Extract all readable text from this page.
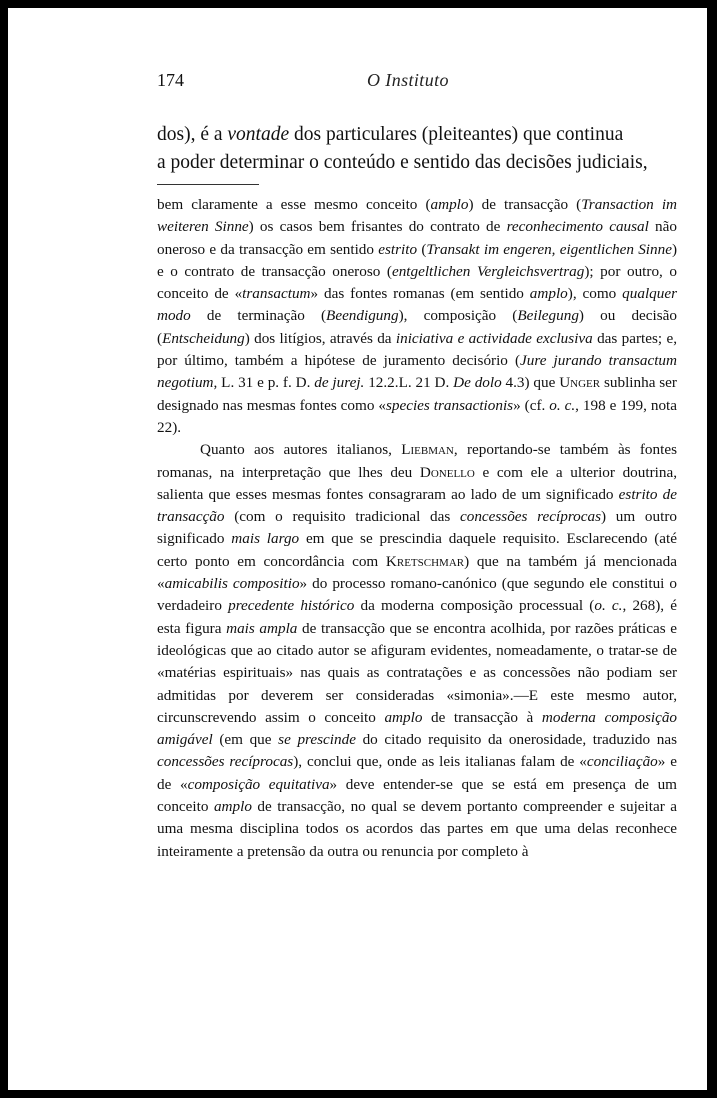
174	O Instituto

dos), é a vontade dos particulares (pleiteantes) que continua

a poder determinar o conteúdo e sentido das decisões judiciais,

bem claramente a esse mesmo conceito (amplo) de transacção (Transaction im weiteren Sinne) os casos bem frisantes do contrato de reconhecimento causal não oneroso e da transacção em sentido estrito (Transakt im engeren, eigentlichen Sinne) e o contrato de transacção oneroso (entgeltlichen Vergleichsvertrag); por outro, o conceito de «transactum» das fontes romanas (em sentido amplo), como qualquer modo de terminação (Beendigung), composição (Beilegung) ou decisão (Entscheidung) dos litígios, através da iniciativa e actividade exclusiva das partes; e, por último, também a hipótese de juramento decisório (Jure jurando transactum negotium, L. 31 e p. f. D. de jurej. 12.2.L. 21 D. De dolo 4.3) que Unger sublinha ser designado nas mesmas fontes como «species transactionis» (cf. o. c., 198 e 199, nota 22).

Quanto aos autores italianos, Liebman, reportando-se também às fontes romanas, na interpretação que lhes deu Donello e com ele a ulterior doutrina, salienta que esses mesmas fontes consagraram ao lado de um significado estrito de transacção (com o requisito tradicional das concessões recíprocas) um outro significado mais largo em que se prescindia daquele requisito. Esclarecendo (até certo ponto em concordância com Kretschmar) que na também já mencionada «amicabilis compositio» do processo romano-canónico (que segundo ele constitui o verdadeiro precedente histórico da moderna composição processual (o. c., 268), é esta figura mais ampla de transacção que se encontra acolhida, por razões práticas e ideológicas que ao citado autor se afiguram evidentes, nomeadamente, o tratar-se de «matérias espirituais» nas quais as contratações e as concessões não podiam ser admitidas por deverem ser consideradas «simonia».—E este mesmo autor, circunscrevendo assim o conceito amplo de transacção à moderna composição amigável (em que se prescinde do citado requisito da onerosidade, traduzido nas concessões recíprocas), conclui que, onde as leis italianas falam de «conciliação» e de «composição equitativa» deve entender-se que se está em presença de um conceito amplo de transacção, no qual se devem portanto compreender e sujeitar a uma mesma disciplina todos os acordos das partes em que uma delas reconhece inteiramente a pretensão da outra ou renuncia por completo à
